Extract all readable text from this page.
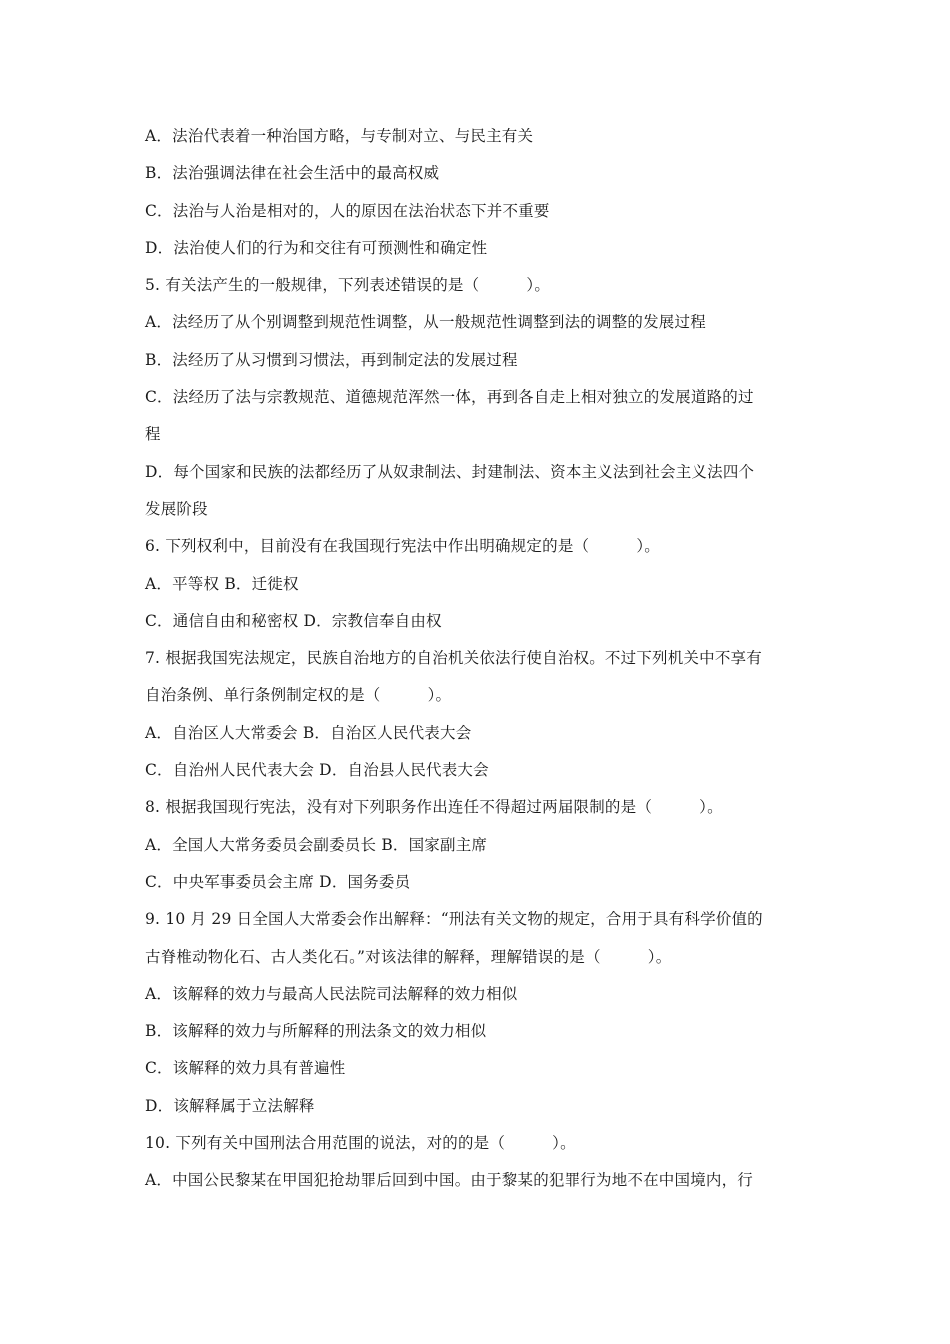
A．法治代表着一种治国方略，与专制对立、与民主有关
B．法治强调法律在社会生活中的最高权威
C．法治与人治是相对的，人的原因在法治状态下并不重要
D．法治使人们的行为和交往有可预测性和确定性
5. 有关法产生的一般规律，下列表述错误的是（　　　）。
A．法经历了从个别调整到规范性调整，从一般规范性调整到法的调整的发展过程
B．法经历了从习惯到习惯法，再到制定法的发展过程
C．法经历了法与宗教规范、道德规范浑然一体，再到各自走上相对独立的发展道路的过
程
D．每个国家和民族的法都经历了从奴隶制法、封建制法、资本主义法到社会主义法四个
发展阶段
6. 下列权利中，目前没有在我国现行宪法中作出明确规定的是（　　　）。
A．平等权 B．迁徙权
C．通信自由和秘密权 D．宗教信奉自由权
7. 根据我国宪法规定，民族自治地方的自治机关依法行使自治权。不过下列机关中不享有
自治条例、单行条例制定权的是（　　　）。
A．自治区人大常委会 B．自治区人民代表大会
C．自治州人民代表大会 D．自治县人民代表大会
8. 根据我国现行宪法，没有对下列职务作出连任不得超过两届限制的是（　　　）。
A．全国人大常务委员会副委员长 B．国家副主席
C．中央军事委员会主席 D．国务委员
9. 10 月 29 日全国人大常委会作出解释：“刑法有关文物的规定，合用于具有科学价值的
古脊椎动物化石、古人类化石。”对该法律的解释，理解错误的是（　　　）。
A．该解释的效力与最高人民法院司法解释的效力相似
B．该解释的效力与所解释的刑法条文的效力相似
C．该解释的效力具有普遍性
D．该解释属于立法解释
10. 下列有关中国刑法合用范围的说法，对的的是（　　　）。
A．中国公民黎某在甲国犯抢劫罪后回到中国。由于黎某的犯罪行为地不在中国境内，行
